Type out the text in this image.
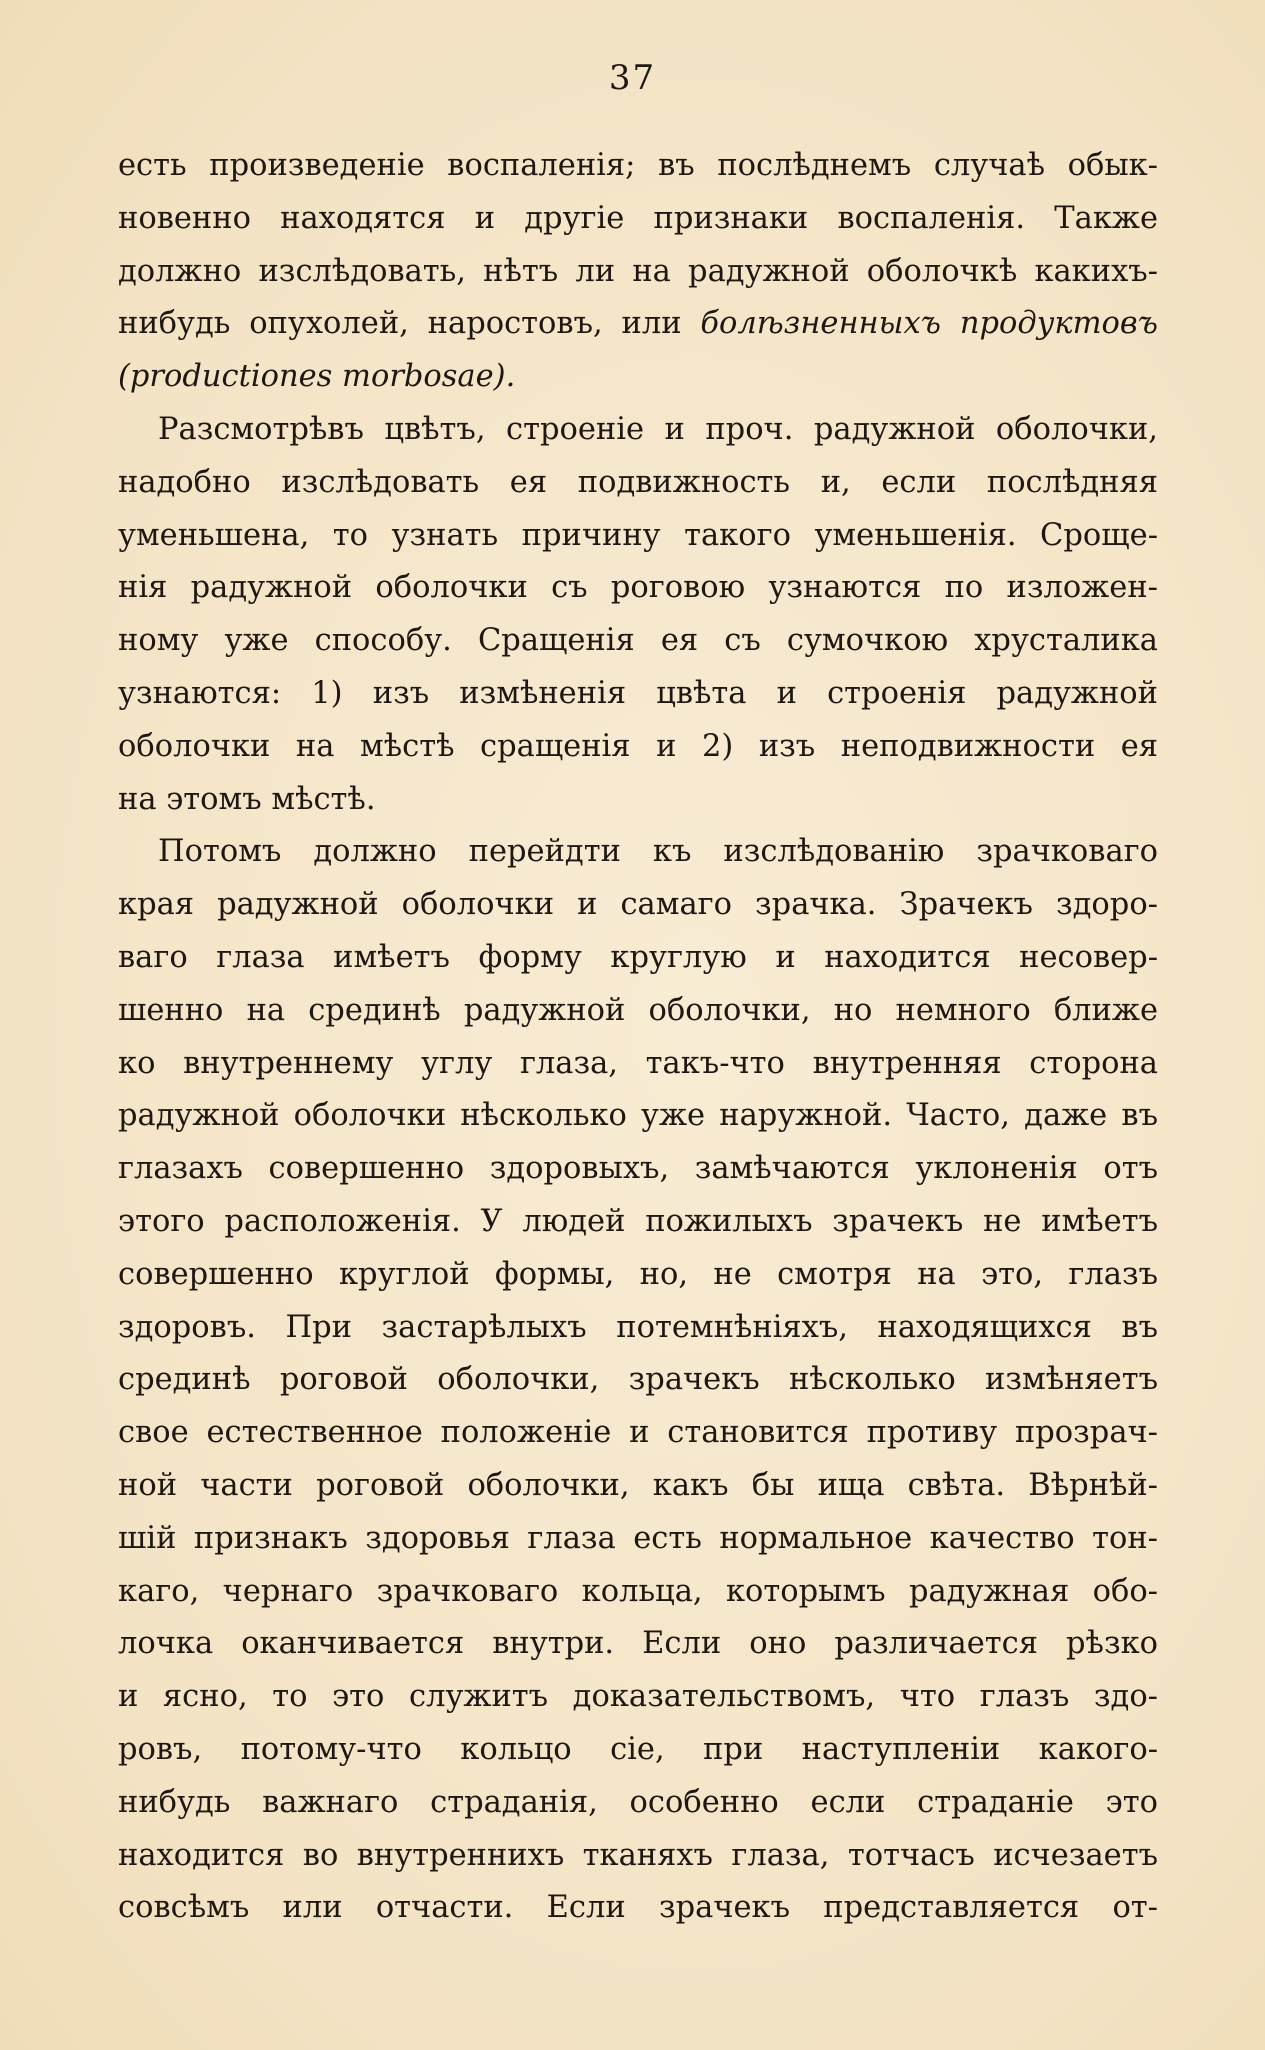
37
есть произведеніе воспаленія; въ послѣднемъ случаѣ обык-
новенно находятся и другіе признаки воспаленія. Также
должно изслѣдовать, нѣтъ ли на радужной оболочкѣ какихъ-
нибудь опухолей, наростовъ, или болѣзненныхъ продуктовъ
(productiones morbosae).
Разсмотрѣвъ цвѣтъ, строеніе и проч. радужной оболочки,
надобно изслѣдовать ея подвижность и, если послѣдняя
уменьшена, то узнать причину такого уменьшенія. Сроще-
нія радужной оболочки съ роговою узнаются по изложен-
ному уже способу. Сращенія ея съ сумочкою хрусталика
узнаются: 1) изъ измѣненія цвѣта и строенія радужной
оболочки на мѣстѣ сращенія и 2) изъ неподвижности ея
на этомъ мѣстѣ.
Потомъ должно перейдти къ изслѣдованію зрачковаго
края радужной оболочки и самаго зрачка. Зрачекъ здоро-
ваго глаза имѣетъ форму круглую и находится несовер-
шенно на срединѣ радужной оболочки, но немного ближе
ко внутреннему углу глаза, такъ-что внутренняя сторона
радужной оболочки нѣсколько уже наружной. Часто, даже въ
глазахъ совершенно здоровыхъ, замѣчаются уклоненія отъ
этого расположенія. У людей пожилыхъ зрачекъ не имѣетъ
совершенно круглой формы, но, не смотря на это, глазъ
здоровъ. При застарѣлыхъ потемнѣніяхъ, находящихся въ
срединѣ роговой оболочки, зрачекъ нѣсколько измѣняетъ
свое естественное положеніе и становится противу прозрач-
ной части роговой оболочки, какъ бы ища свѣта. Вѣрнѣй-
шій признакъ здоровья глаза есть нормальное качество тон-
каго, чернаго зрачковаго кольца, которымъ радужная обо-
лочка оканчивается внутри. Если оно различается рѣзко
и ясно, то это служитъ доказательствомъ, что глазъ здо-
ровъ, потому-что кольцо сіе, при наступленіи какого-
нибудь важнаго страданія, особенно если страданіе это
находится во внутреннихъ тканяхъ глаза, тотчасъ исчезаетъ
совсѣмъ или отчасти. Если зрачекъ представляется от-
